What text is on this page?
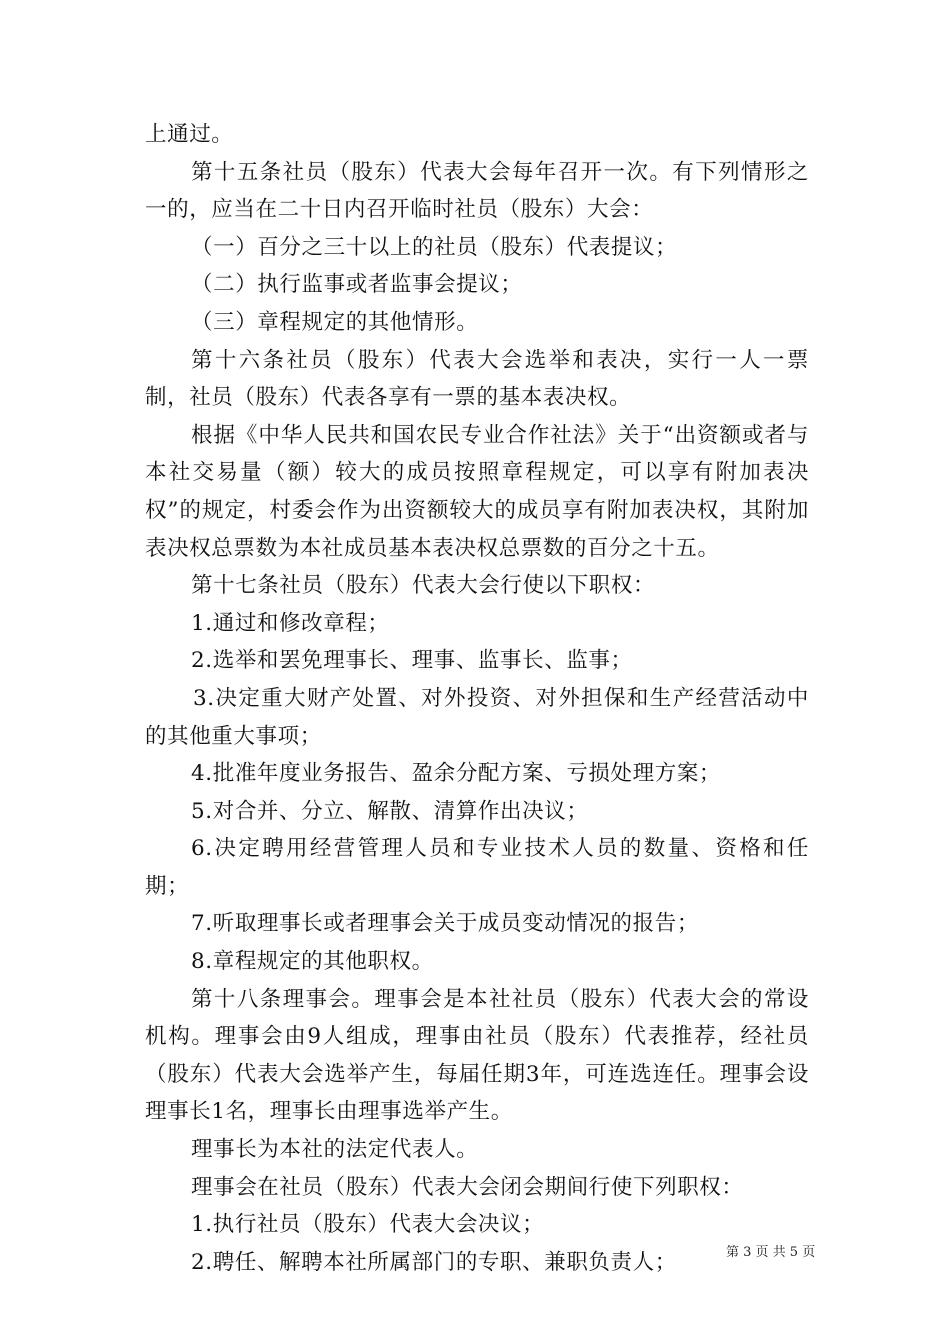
上通过。

第十五条社员（股东）代表大会每年召开一次。有下列情形之一的，应当在二十日内召开临时社员（股东）大会：

（一）百分之三十以上的社员（股东）代表提议；

（二）执行监事或者监事会提议；

（三）章程规定的其他情形。

第十六条社员（股东）代表大会选举和表决，实行一人一票制，社员（股东）代表各享有一票的基本表决权。

根据《中华人民共和国农民专业合作社法》关于“出资额或者与本社交易量（额）较大的成员按照章程规定，可以享有附加表决权”的规定，村委会作为出资额较大的成员享有附加表决权，其附加表决权总票数为本社成员基本表决权总票数的百分之十五。

第十七条社员（股东）代表大会行使以下职权：

1.通过和修改章程；

2.选举和罢免理事长、理事、监事长、监事；

3.决定重大财产处置、对外投资、对外担保和生产经营活动中的其他重大事项；

4.批准年度业务报告、盈余分配方案、亏损处理方案；

5.对合并、分立、解散、清算作出决议；

6.决定聘用经营管理人员和专业技术人员的数量、资格和任期；

7.听取理事长或者理事会关于成员变动情况的报告；

8.章程规定的其他职权。

第十八条理事会。理事会是本社社员（股东）代表大会的常设机构。理事会由9人组成，理事由社员（股东）代表推荐，经社员（股东）代表大会选举产生，每届任期3年，可连选连任。理事会设理事长1名，理事长由理事选举产生。

理事长为本社的法定代表人。

理事会在社员（股东）代表大会闭会期间行使下列职权：

1.执行社员（股东）代表大会决议；

2.聘任、解聘本社所属部门的专职、兼职负责人；	第 3 页 共 5 页
